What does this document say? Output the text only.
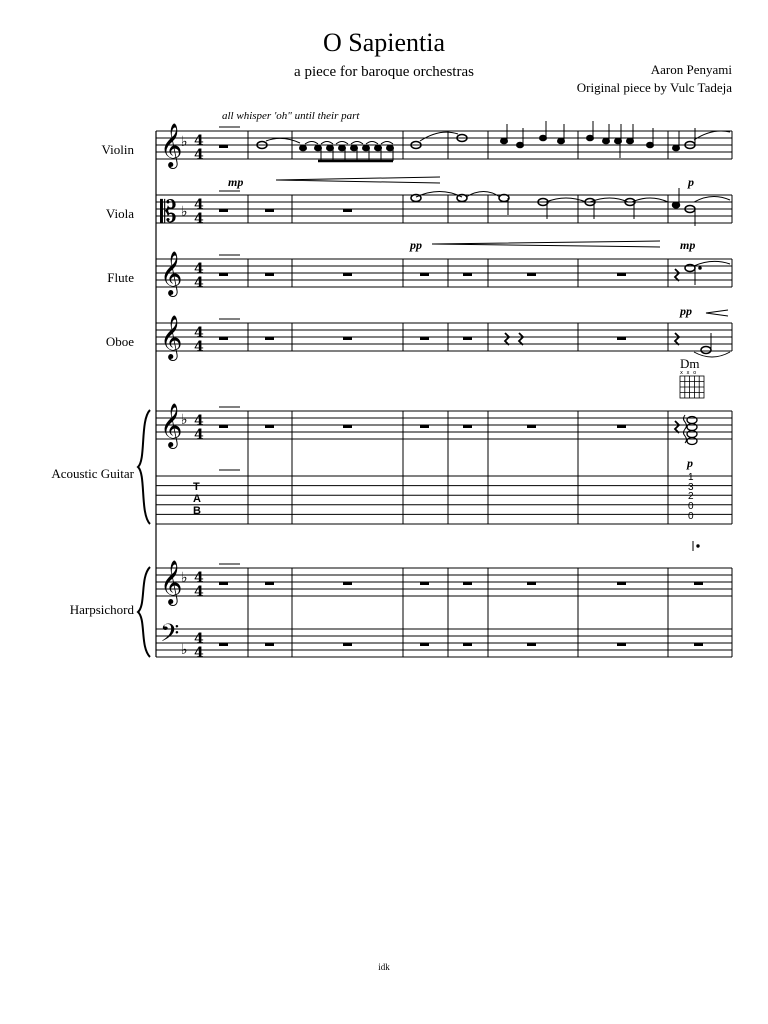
O Sapientia
a piece for baroque orchestras	Aaron Penyami
Original piece by Vulc Tadeja
all whisper 'oh" until their part
Violin
Viola
Flute
Oboe
Acoustic Guitar
Harpsichord
mp	p
pp	mp
pp
p
Dm
x x o
idk
𝄞
𝄡
𝄞
𝄞
𝄞
𝄞
𝄢
♭
♭
♭
♭
♭
4
4
4
4
4
4
4
4
4
4
4
4
4
4
T
A
B
1
3
2
0
0
